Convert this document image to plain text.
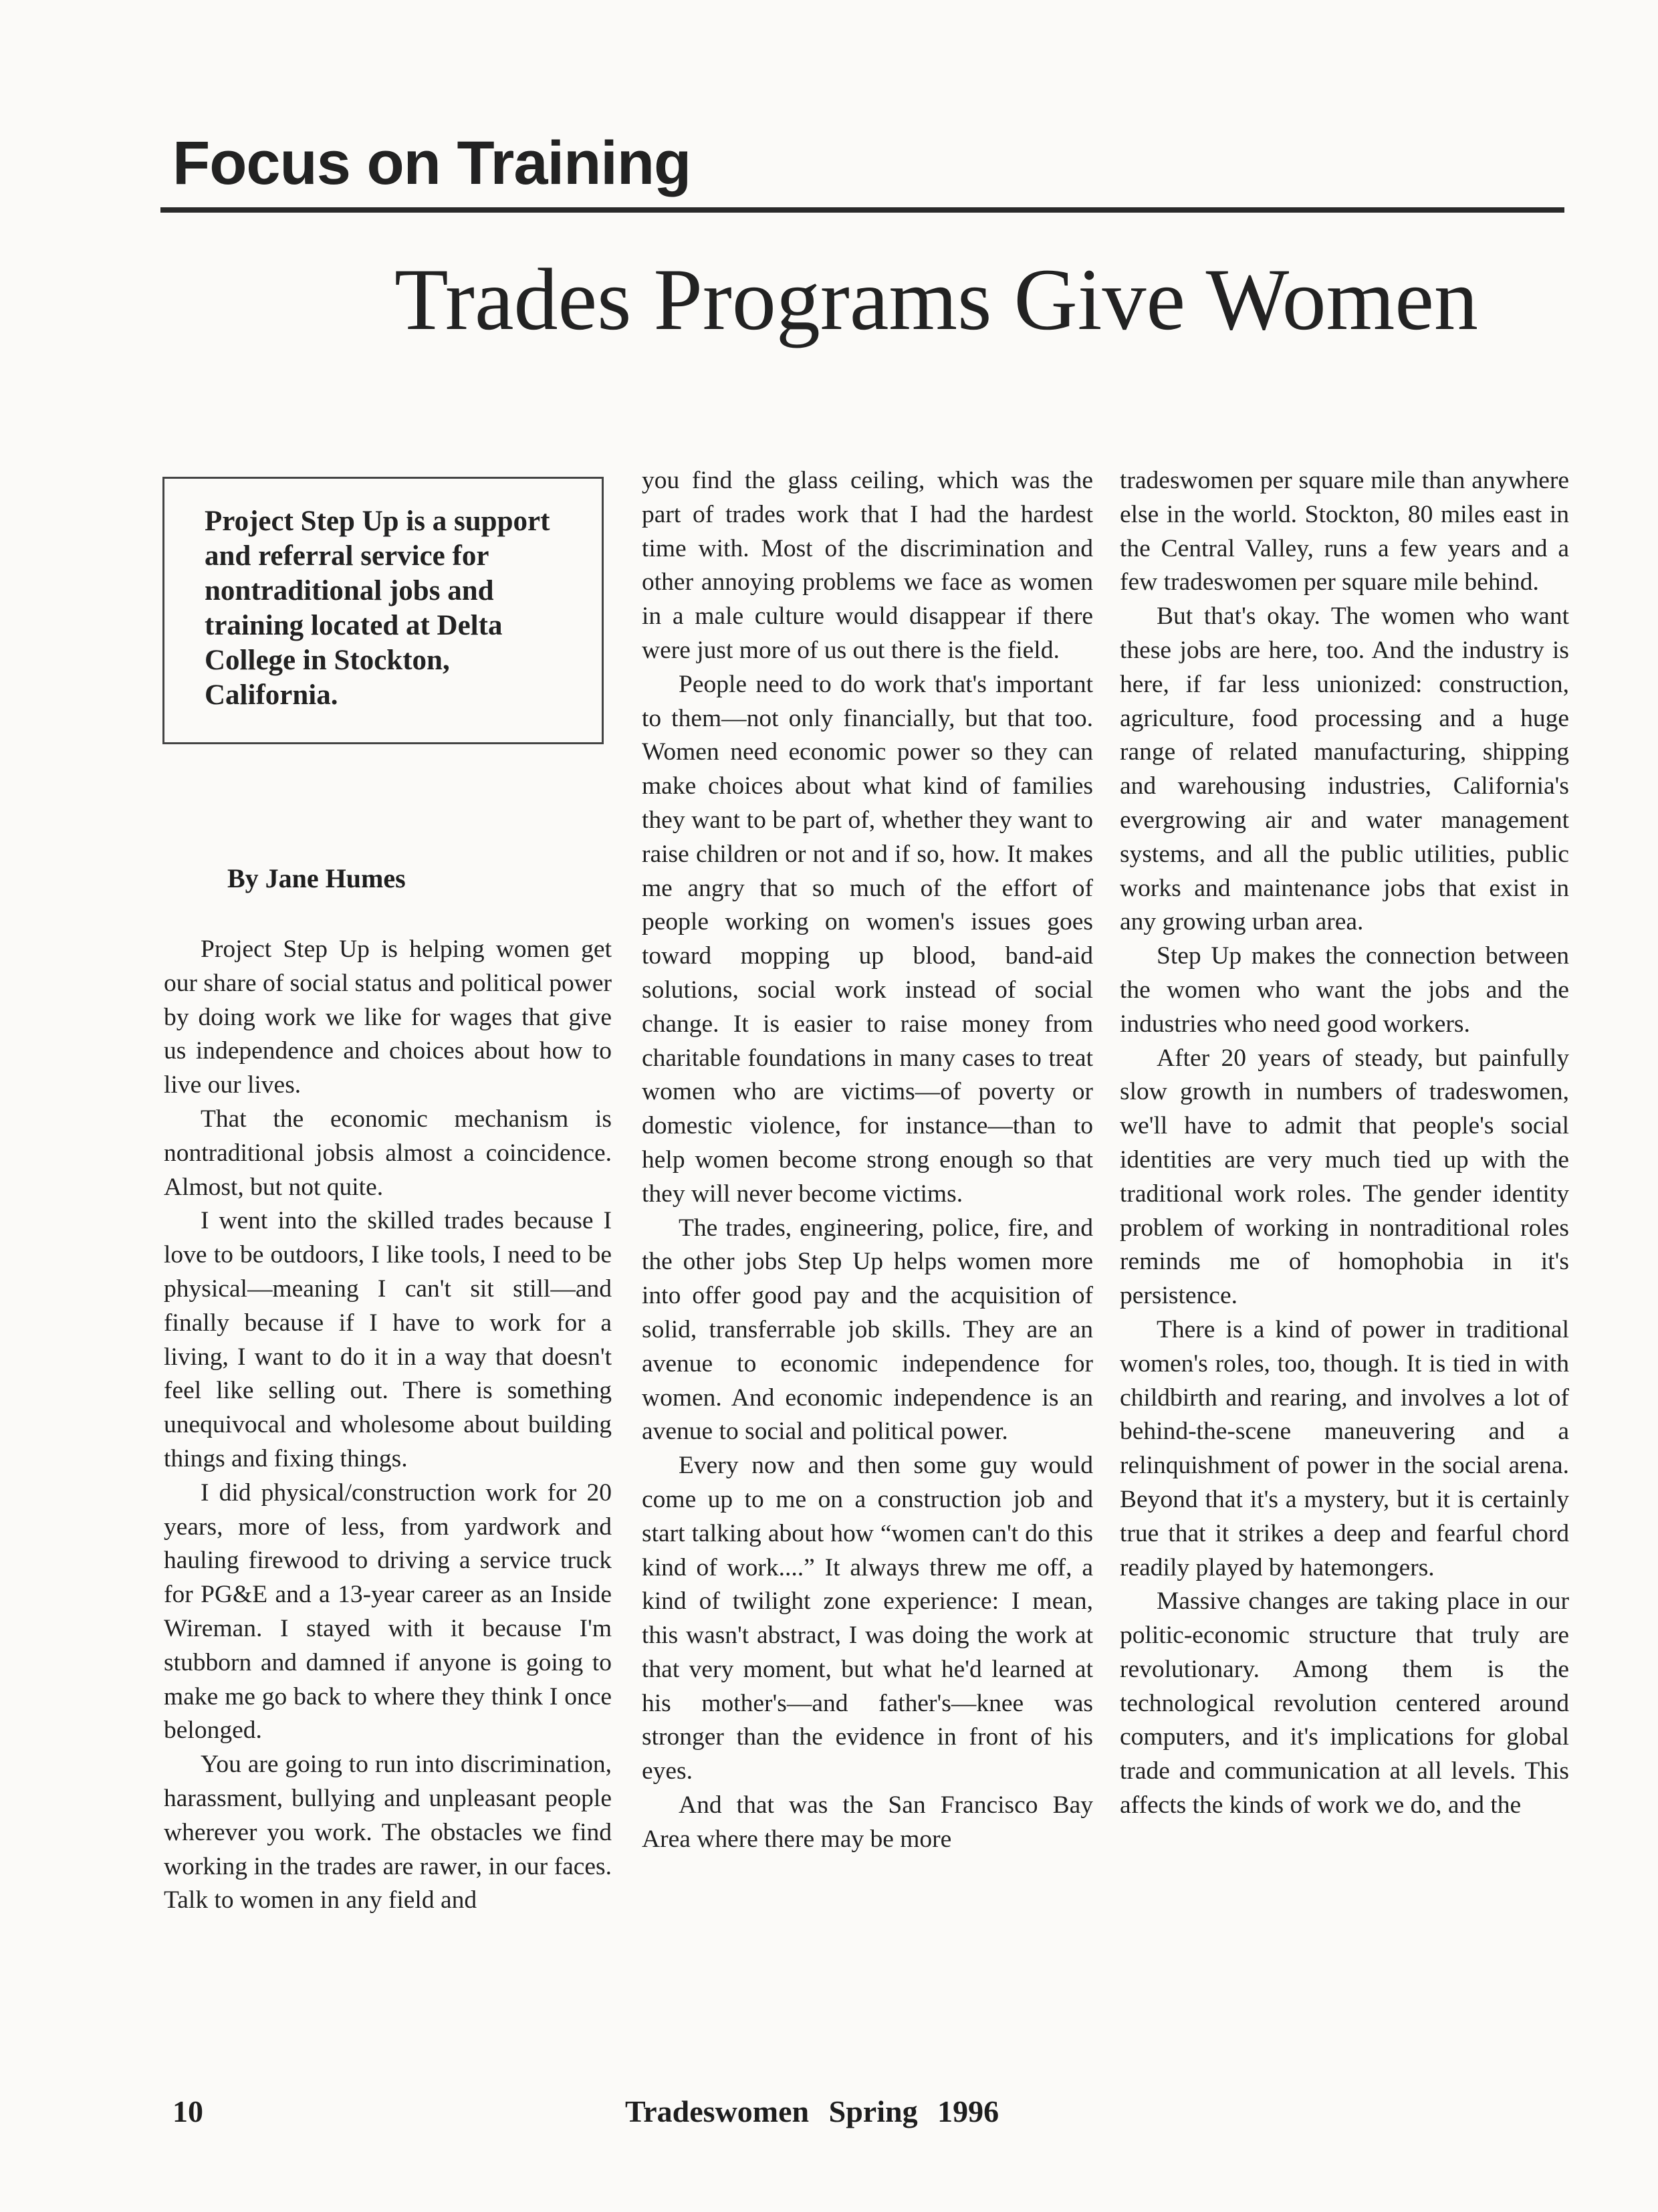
Focus on Training
Trades Programs Give Women
Project Step Up is a support and referral service for nontraditional jobs and training located at Delta College in Stockton, California.
By Jane Humes

Project Step Up is helping women get our share of social status and political power by doing work we like for wages that give us independence and choices about how to live our lives.

That the economic mechanism is nontraditional jobsis almost a coincidence. Almost, but not quite.

I went into the skilled trades because I love to be outdoors, I like tools, I need to be physical—meaning I can't sit still—and finally because if I have to work for a living, I want to do it in a way that doesn't feel like selling out. There is something unequivocal and wholesome about building things and fixing things.

I did physical/construction work for 20 years, more of less, from yardwork and hauling firewood to driving a service truck for PG&E and a 13-year career as an Inside Wireman. I stayed with it because I'm stubborn and damned if anyone is going to make me go back to where they think I once belonged.

You are going to run into discrimination, harassment, bullying and unpleasant people wherever you work. The obstacles we find working in the trades are rawer, in our faces. Talk to women in any field and

you find the glass ceiling, which was the part of trades work that I had the hardest time with. Most of the discrimination and other annoying problems we face as women in a male culture would disappear if there were just more of us out there is the field.

People need to do work that's important to them—not only financially, but that too. Women need economic power so they can make choices about what kind of families they want to be part of, whether they want to raise children or not and if so, how. It makes me angry that so much of the effort of people working on women's issues goes toward mopping up blood, band-aid solutions, social work instead of social change. It is easier to raise money from charitable foundations in many cases to treat women who are victims—of poverty or domestic violence, for instance—than to help women become strong enough so that they will never become victims.

The trades, engineering, police, fire, and the other jobs Step Up helps women more into offer good pay and the acquisition of solid, transferrable job skills. They are an avenue to economic independence for women. And economic independence is an avenue to social and political power.

Every now and then some guy would come up to me on a construction job and start talking about how “women can't do this kind of work....” It always threw me off, a kind of twilight zone experience: I mean, this wasn't abstract, I was doing the work at that very moment, but what he'd learned at his mother's—and father's—knee was stronger than the evidence in front of his eyes.

And that was the San Francisco Bay Area where there may be more

tradeswomen per square mile than anywhere else in the world. Stockton, 80 miles east in the Central Valley, runs a few years and a few tradeswomen per square mile behind.

But that's okay. The women who want these jobs are here, too. And the industry is here, if far less unionized: construction, agriculture, food processing and a huge range of related manufacturing, shipping and warehousing industries, California's evergrowing air and water management systems, and all the public utilities, public works and maintenance jobs that exist in any growing urban area.

Step Up makes the connection between the women who want the jobs and the industries who need good workers.

After 20 years of steady, but painfully slow growth in numbers of tradeswomen, we'll have to admit that people's social identities are very much tied up with the traditional work roles. The gender identity problem of working in nontraditional roles reminds me of homophobia in it's persistence.

There is a kind of power in traditional women's roles, too, though. It is tied in with childbirth and rearing, and involves a lot of behind-the-scene maneuvering and a relinquishment of power in the social arena. Beyond that it's a mystery, but it is certainly true that it strikes a deep and fearful chord readily played by hatemongers.

Massive changes are taking place in our politic-economic structure that truly are revolutionary. Among them is the technological revolution centered around computers, and it's implications for global trade and communication at all levels. This affects the kinds of work we do, and the

10	Tradeswomen Spring 1996
